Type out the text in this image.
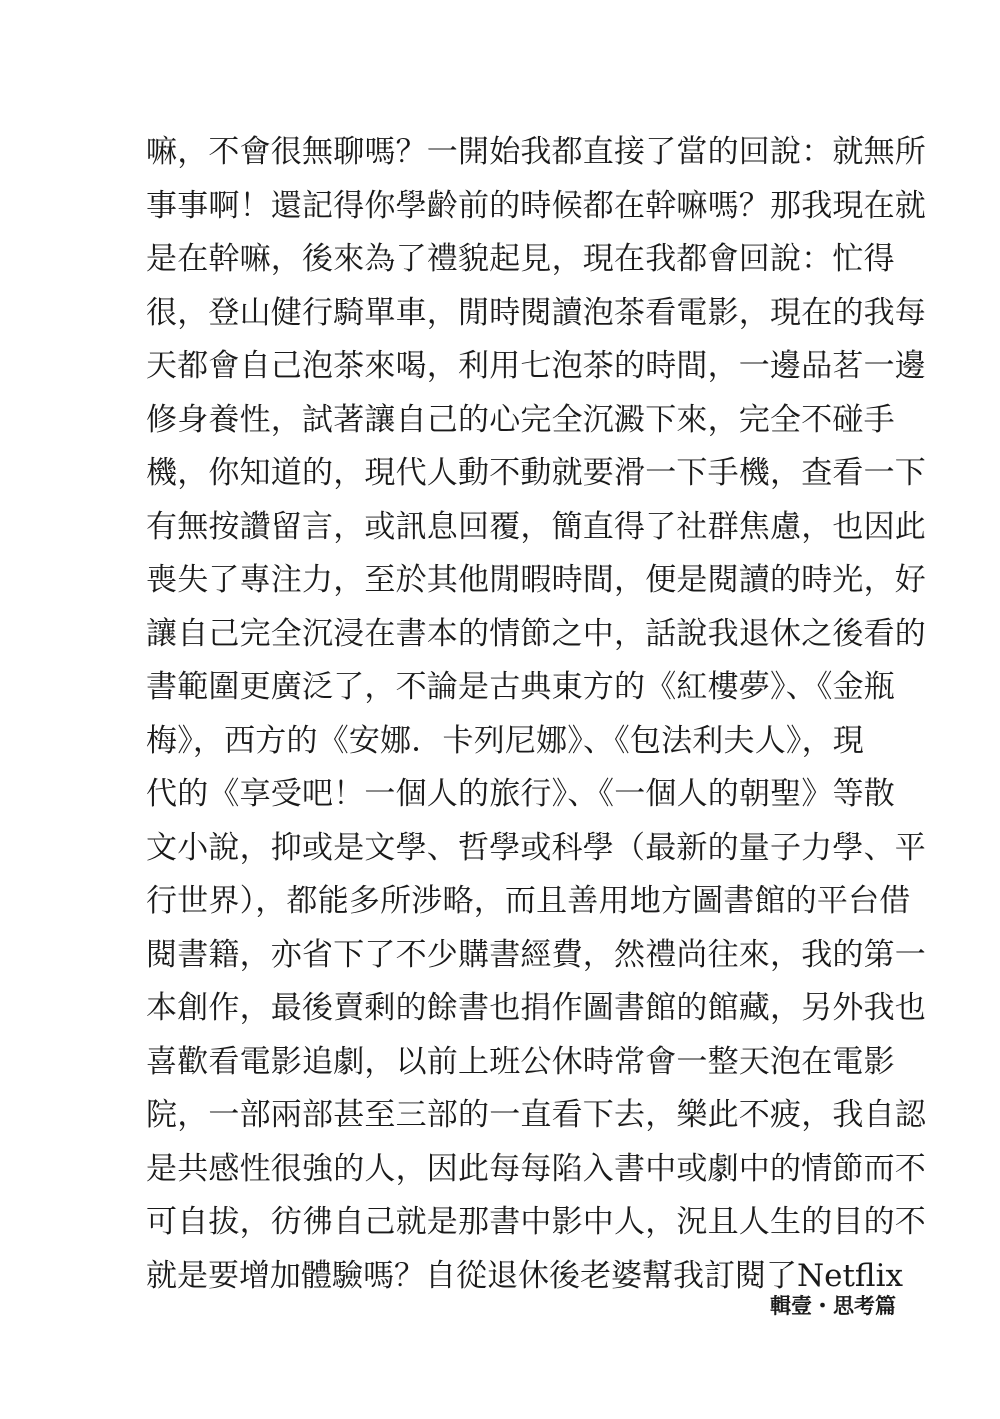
嘛，不會很無聊嗎？一開始我都直接了當的回說：就無所
事事啊！還記得你學齡前的時候都在幹嘛嗎？那我現在就
是在幹嘛，後來為了禮貌起見，現在我都會回說：忙得
很，登山健行騎單車，閒時閱讀泡茶看電影，現在的我每
天都會自己泡茶來喝，利用七泡茶的時間，一邊品茗一邊
修身養性，試著讓自己的心完全沉澱下來，完全不碰手
機，你知道的，現代人動不動就要滑一下手機，查看一下
有無按讚留言，或訊息回覆，簡直得了社群焦慮，也因此
喪失了專注力，至於其他閒暇時間，便是閱讀的時光，好
讓自己完全沉浸在書本的情節之中，話說我退休之後看的
書範圍更廣泛了，不論是古典東方的《紅樓夢》、《金瓶
梅》，西方的《安娜．卡列尼娜》、《包法利夫人》，現
代的《享受吧！一個人的旅行》、《一個人的朝聖》等散
文小說，抑或是文學、哲學或科學（最新的量子力學、平
行世界），都能多所涉略，而且善用地方圖書館的平台借
閱書籍，亦省下了不少購書經費，然禮尚往來，我的第一
本創作，最後賣剩的餘書也捐作圖書館的館藏，另外我也
喜歡看電影追劇，以前上班公休時常會一整天泡在電影
院，一部兩部甚至三部的一直看下去，樂此不疲，我自認
是共感性很強的人，因此每每陷入書中或劇中的情節而不
可自拔，彷彿自己就是那書中影中人，況且人生的目的不
就是要增加體驗嗎？自從退休後老婆幫我訂閱了Netflix
輯壹・思考篇
